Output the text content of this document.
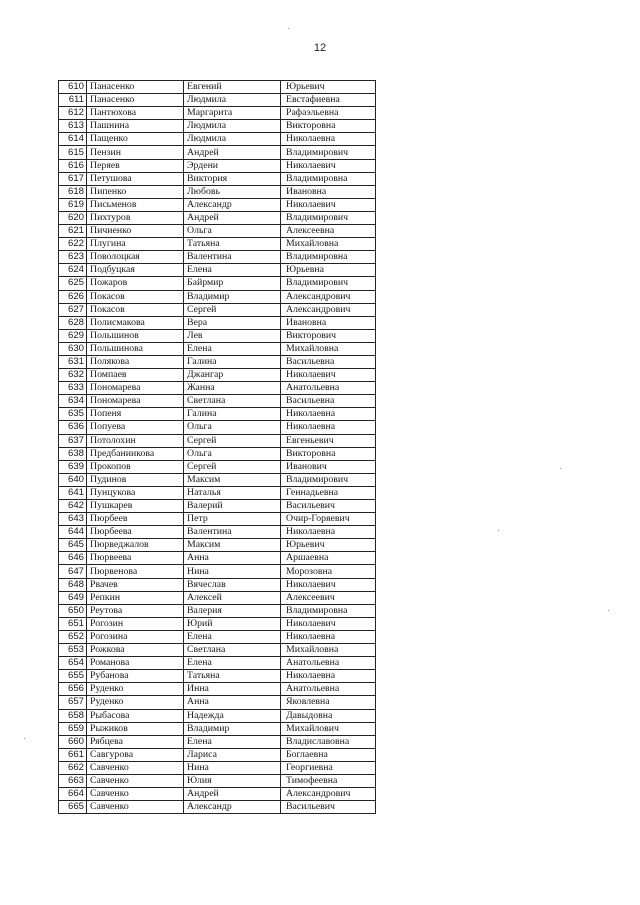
12
610	Панасенко	Евгений	Юрьевич
611	Панасенко	Людмила	Евстафиевна
612	Пантюхова	Маргарита	Рафаэльевна
613	Пашнина	Людмила	Викторовна
614	Пащенко	Людмила	Николаевна
615	Пензин	Андрей	Владимирович
616	Перяев	Эрдени	Николаевич
617	Петушова	Виктория	Владимировна
618	Пипенко	Любовь	Ивановна
619	Письменов	Александр	Николаевич
620	Пихтуров	Андрей	Владимирович
621	Пичиенко	Ольга	Алексеевна
622	Плугина	Татьяна	Михайловна
623	Поволоцкая	Валентина	Владимировна
624	Подбуцкая	Елена	Юрьевна
625	Пожаров	Байрмир	Владимирович
626	Покасов	Владимир	Александрович
627	Покасов	Сергей	Александрович
628	Полисмакова	Вера	Ивановна
629	Польшинов	Лев	Викторович
630	Польшинова	Елена	Михайловна
631	Полякова	Галина	Васильевна
632	Помпаев	Джангар	Николаевич
633	Пономарева	Жанна	Анатольевна
634	Пономарева	Светлана	Васильевна
635	Попеня	Галина	Николаевна
636	Попуева	Ольга	Николаевна
637	Потолохин	Сергей	Евгеньевич
638	Предбаниикова	Ольга	Викторовна
639	Прокопов	Сергей	Иванович
640	Пудинов	Максим	Владимирович
641	Пунцукова	Наталья	Геннадьевна
642	Пушкарев	Валерий	Васильевич
643	Пюрбеев	Петр	Очир-Горяевич
644	Пюрбеева	Валентина	Николаевна
645	Пюрведжалов	Максим	Юрьевич
646	Пюрвеева	Анна	Аршаевна
647	Пюрвенова	Нина	Морозовна
648	Рвачев	Вячеслав	Николаевич
649	Репкин	Алексей	Алексеевич
650	Реутова	Валерия	Владимировна
651	Рогозин	Юрий	Николаевич
652	Рогозина	Елена	Николаевна
653	Рожкова	Светлана	Михайловна
654	Романова	Елена	Анатольевна
655	Рубанова	Татьяна	Николаевна
656	Руденко	Инна	Анатольевна
657	Руденко	Анна	Яковлевна
658	Рыбасова	Надежда	Давыдовна
659	Рыжиков	Владимир	Михайлович
660	Рябцева	Елена	Владиславовна
661	Савгурова	Лариса	Боглаевна
662	Савченко	Нина	Георгиевна
663	Савченко	Юлия	Тимофеевна
664	Савченко	Андрей	Александрович
665	Савченко	Александр	Васильевич
